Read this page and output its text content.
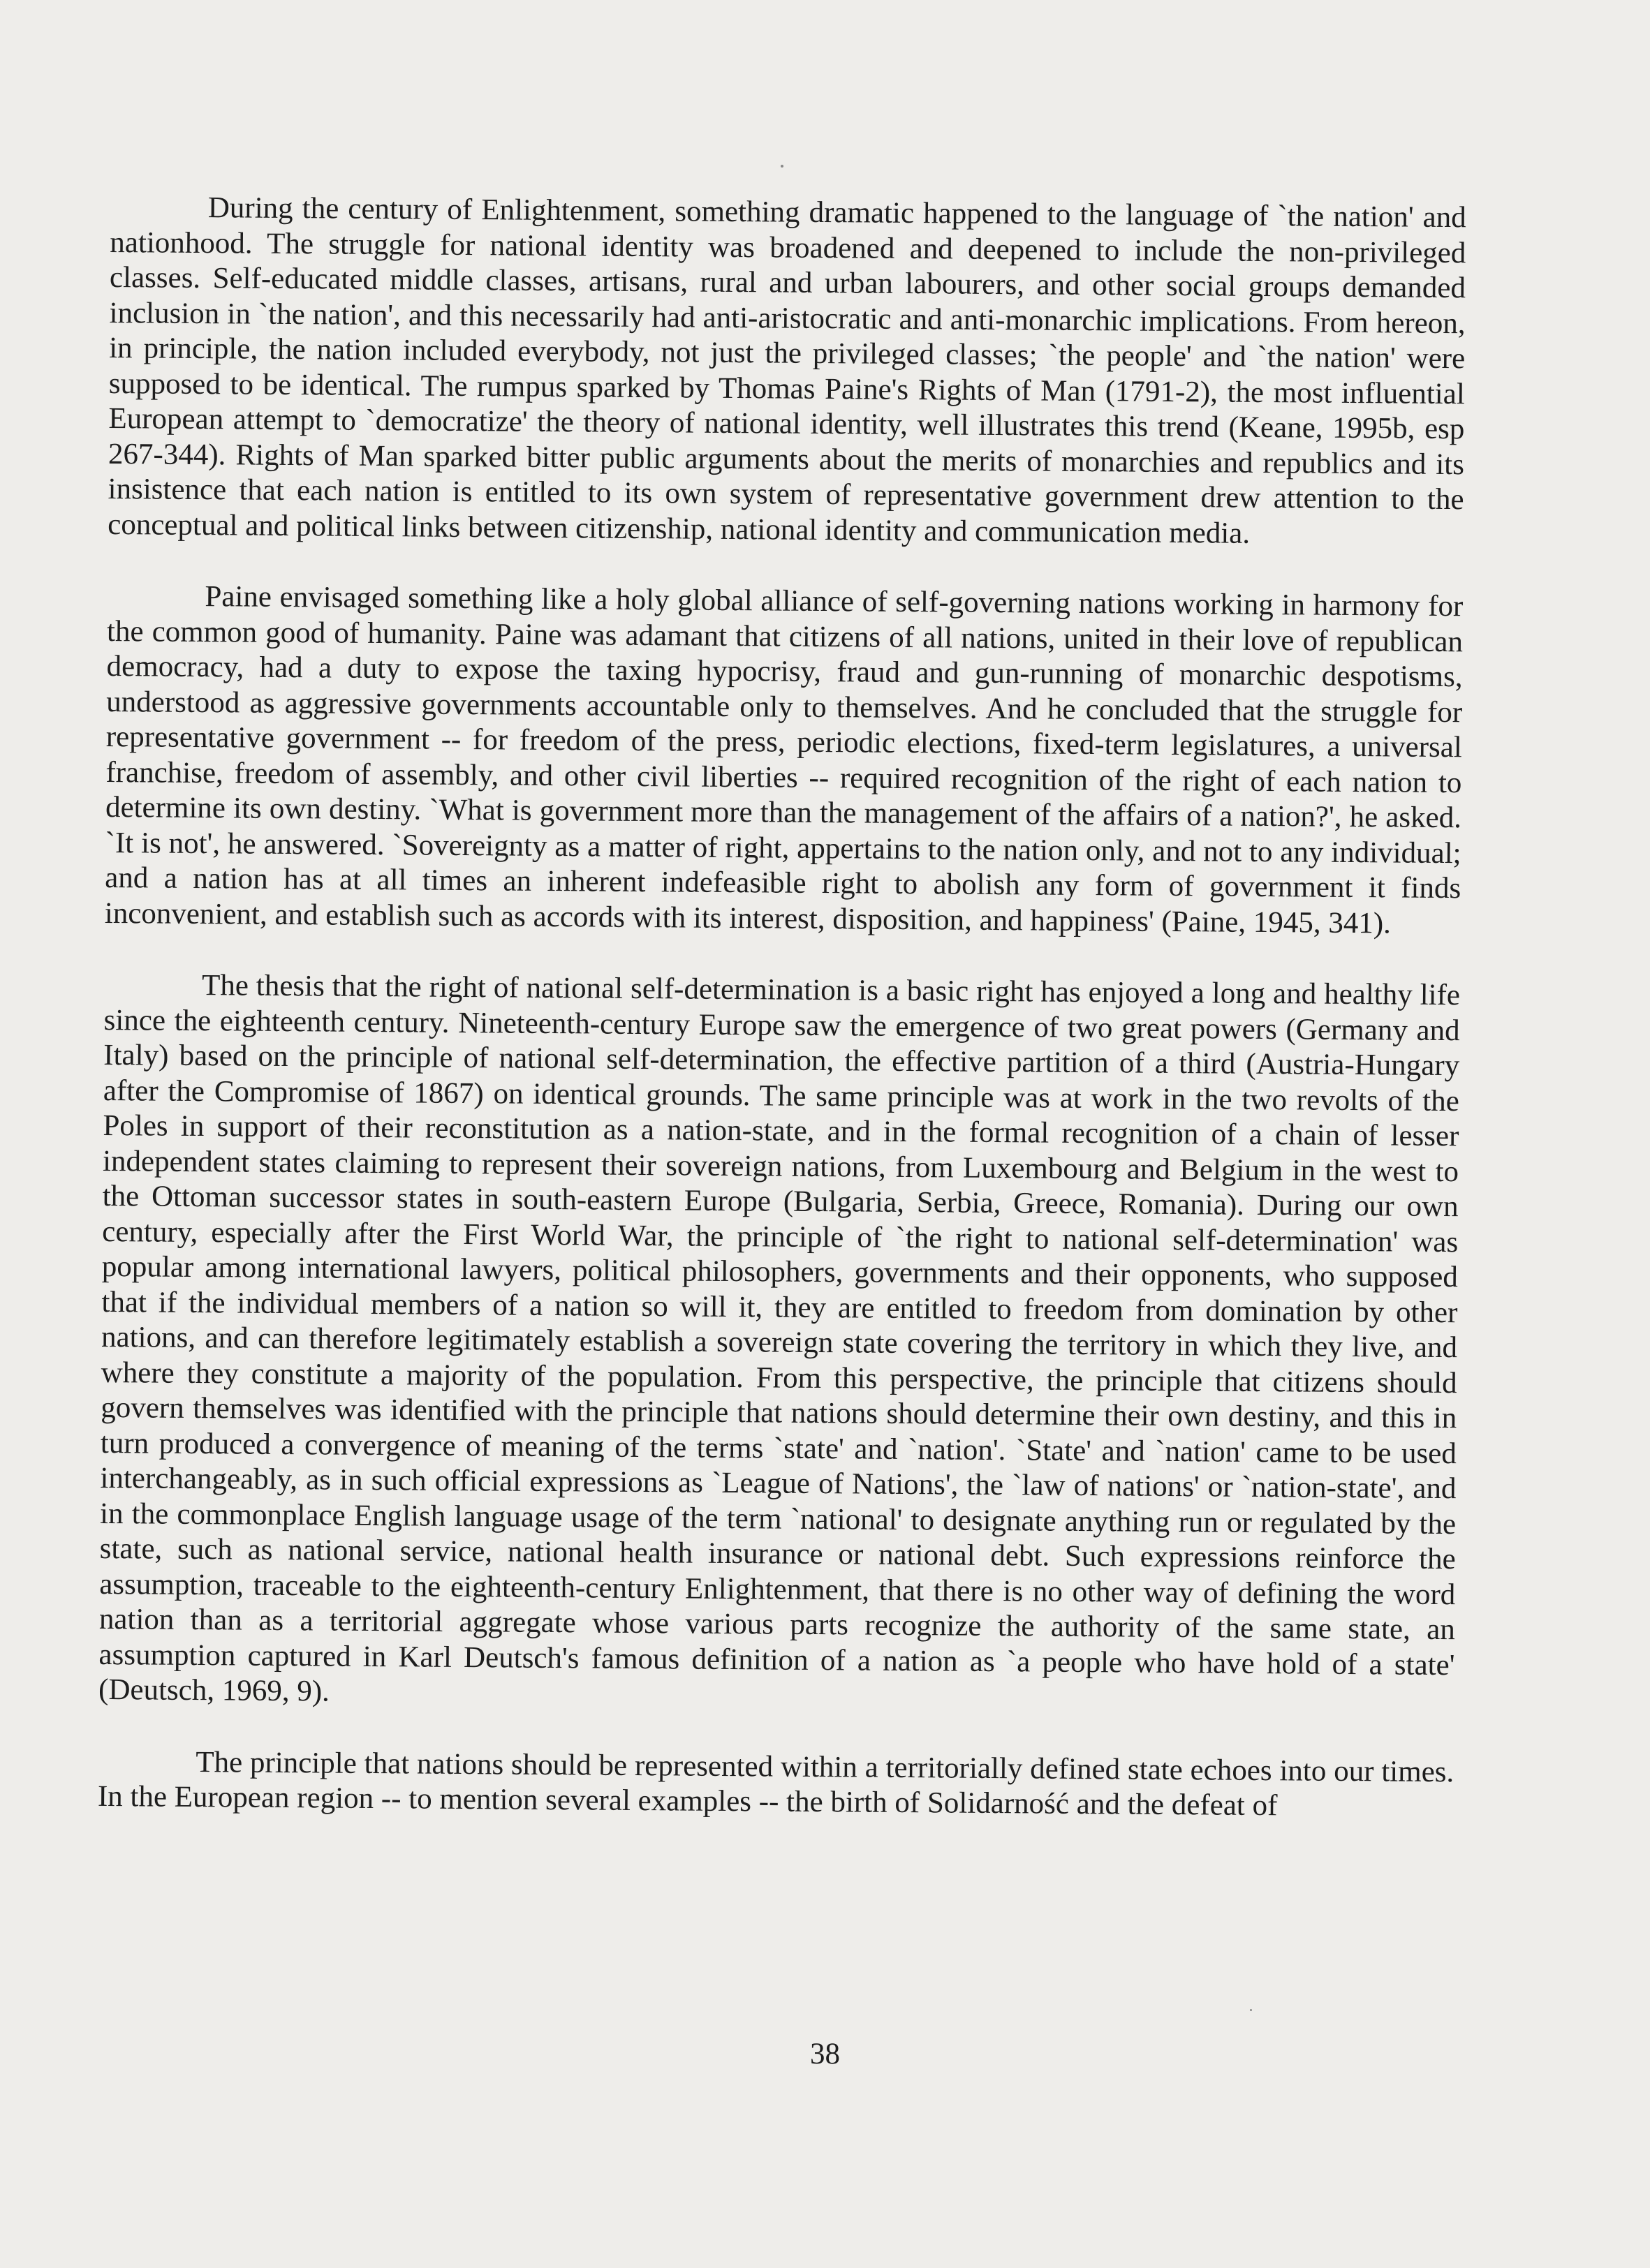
During the century of Enlightenment, something dramatic happened to the language of `the nation' and nationhood. The struggle for national identity was broadened and deepened to include the non-privileged classes. Self-educated middle classes, artisans, rural and urban labourers, and other social groups demanded inclusion in `the nation', and this necessarily had anti-aristocratic and anti-monarchic implications. From hereon, in principle, the nation included everybody, not just the privileged classes; `the people' and `the nation' were supposed to be identical. The rumpus sparked by Thomas Paine's Rights of Man (1791-2), the most influential European attempt to `democratize' the theory of national identity, well illustrates this trend (Keane, 1995b, esp 267-344). Rights of Man sparked bitter public arguments about the merits of monarchies and republics and its insistence that each nation is entitled to its own system of representative government drew attention to the conceptual and political links between citizenship, national identity and communication media.

Paine envisaged something like a holy global alliance of self-governing nations working in harmony for the common good of humanity. Paine was adamant that citizens of all nations, united in their love of republican democracy, had a duty to expose the taxing hypocrisy, fraud and gun-running of monarchic despotisms, understood as aggressive governments accountable only to themselves. And he concluded that the struggle for representative government -- for freedom of the press, periodic elections, fixed-term legislatures, a universal franchise, freedom of assembly, and other civil liberties -- required recognition of the right of each nation to determine its own destiny. `What is government more than the management of the affairs of a nation?', he asked. `It is not', he answered. `Sovereignty as a matter of right, appertains to the nation only, and not to any individual; and a nation has at all times an inherent indefeasible right to abolish any form of government it finds inconvenient, and establish such as accords with its interest, disposition, and happiness' (Paine, 1945, 341).

The thesis that the right of national self-determination is a basic right has enjoyed a long and healthy life since the eighteenth century. Nineteenth-century Europe saw the emergence of two great powers (Germany and Italy) based on the principle of national self-determination, the effective partition of a third (Austria-Hungary after the Compromise of 1867) on identical grounds. The same principle was at work in the two revolts of the Poles in support of their reconstitution as a nation-state, and in the formal recognition of a chain of lesser independent states claiming to represent their sovereign nations, from Luxembourg and Belgium in the west to the Ottoman successor states in south-eastern Europe (Bulgaria, Serbia, Greece, Romania). During our own century, especially after the First World War, the principle of `the right to national self-determination' was popular among international lawyers, political philosophers, governments and their opponents, who supposed that if the individual members of a nation so will it, they are entitled to freedom from domination by other nations, and can therefore legitimately establish a sovereign state covering the territory in which they live, and where they constitute a majority of the population. From this perspective, the principle that citizens should govern themselves was identified with the principle that nations should determine their own destiny, and this in turn produced a convergence of meaning of the terms `state' and `nation'. `State' and `nation' came to be used interchangeably, as in such official expressions as `League of Nations', the `law of nations' or `nation-state', and in the commonplace English language usage of the term `national' to designate anything run or regulated by the state, such as national service, national health insurance or national debt. Such expressions reinforce the assumption, traceable to the eighteenth-century Enlightenment, that there is no other way of defining the word nation than as a territorial aggregate whose various parts recognize the authority of the same state, an assumption captured in Karl Deutsch's famous definition of a nation as `a people who have hold of a state' (Deutsch, 1969, 9).

The principle that nations should be represented within a territorially defined state echoes into our times. In the European region -- to mention several examples -- the birth of Solidarność and the defeat of

38
